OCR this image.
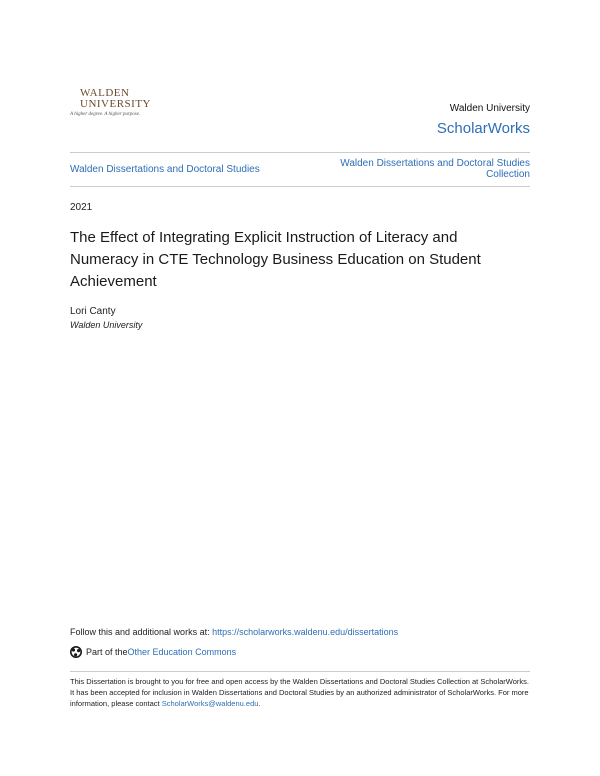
WALDEN
UNIVERSITY
A higher degree. A higher purpose.
Walden University
ScholarWorks
Walden Dissertations and Doctoral Studies
Walden Dissertations and Doctoral Studies Collection
2021
The Effect of Integrating Explicit Instruction of Literacy and Numeracy in CTE Technology Business Education on Student Achievement
Lori Canty
Walden University
Follow this and additional works at: https://scholarworks.waldenu.edu/dissertations
Part of the Other Education Commons
This Dissertation is brought to you for free and open access by the Walden Dissertations and Doctoral Studies Collection at ScholarWorks. It has been accepted for inclusion in Walden Dissertations and Doctoral Studies by an authorized administrator of ScholarWorks. For more information, please contact ScholarWorks@waldenu.edu.
